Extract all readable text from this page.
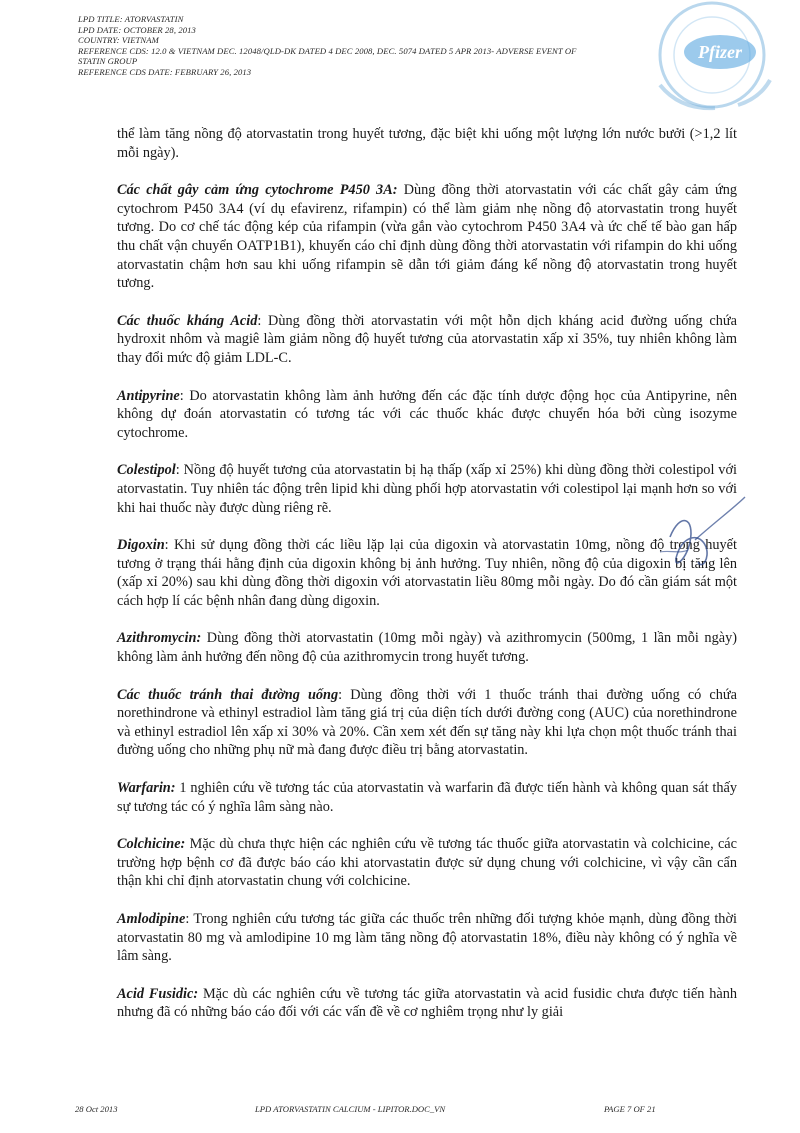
LPD TITLE: ATORVASTATIN
LPD DATE: OCTOBER 28, 2013
COUNTRY: VIETNAM
REFERENCE CDS: 12.0 & VIETNAM DEC. 12048/QLD-DK DATED 4 DEC 2008, DEC. 5074 DATED 5 APR 2013- ADVERSE EVENT OF
STATIN GROUP
REFERENCE CDS DATE: FEBRUARY 26, 2013
Pfizer

thể làm tăng nồng độ atorvastatin trong huyết tương, đặc biệt khi uống một lượng lớn nước bưởi (>1,2 lít mỗi ngày).

Các chất gây cảm ứng cytochrome P450 3A: Dùng đồng thời atorvastatin với các chất gây cảm ứng cytochrom P450 3A4 (ví dụ efavirenz, rifampin) có thể làm giảm nhẹ nồng độ atorvastatin trong huyết tương. Do cơ chế tác động kép của rifampin (vừa gắn vào cytochrom P450 3A4 và ức chế tế bào gan hấp thu chất vận chuyển OATP1B1), khuyến cáo chỉ định dùng đồng thời atorvastatin với rifampin do khi uống atorvastatin chậm hơn sau khi uống rifampin sẽ dẫn tới giảm đáng kể nồng độ atorvastatin trong huyết tương.

Các thuốc kháng Acid: Dùng đồng thời atorvastatin với một hỗn dịch kháng acid đường uống chứa hydroxit nhôm và magiê làm giảm nồng độ huyết tương của atorvastatin xấp xỉ 35%, tuy nhiên không làm thay đổi mức độ giảm LDL-C.

Antipyrine: Do atorvastatin không làm ảnh hưởng đến các đặc tính dược động học của Antipyrine, nên không dự đoán atorvastatin có tương tác với các thuốc khác được chuyển hóa bởi cùng isozyme cytochrome.

Colestipol: Nồng độ huyết tương của atorvastatin bị hạ thấp (xấp xỉ 25%) khi dùng đồng thời colestipol với atorvastatin. Tuy nhiên tác động trên lipid khi dùng phối hợp atorvastatin với colestipol lại mạnh hơn so với khi hai thuốc này được dùng riêng rẽ.

Digoxin: Khi sử dụng đồng thời các liều lặp lại của digoxin và atorvastatin 10mg, nồng độ trong huyết tương ở trạng thái hằng định của digoxin không bị ảnh hưởng. Tuy nhiên, nồng độ của digoxin bị tăng lên (xấp xỉ 20%) sau khi dùng đồng thời digoxin với atorvastatin liều 80mg mỗi ngày. Do đó cần giám sát một cách hợp lí các bệnh nhân đang dùng digoxin.

Azithromycin: Dùng đồng thời atorvastatin (10mg mỗi ngày) và azithromycin (500mg, 1 lần mỗi ngày) không làm ảnh hưởng đến nồng độ của azithromycin trong huyết tương.

Các thuốc tránh thai đường uống: Dùng đồng thời với 1 thuốc tránh thai đường uống có chứa norethindrone và ethinyl estradiol làm tăng giá trị của diện tích dưới đường cong (AUC) của norethindrone và ethinyl estradiol lên xấp xỉ 30% và 20%. Cần xem xét đến sự tăng này khi lựa chọn một thuốc tránh thai đường uống cho những phụ nữ mà đang được điều trị bằng atorvastatin.

Warfarin: 1 nghiên cứu về tương tác của atorvastatin và warfarin đã được tiến hành và không quan sát thấy sự tương tác có ý nghĩa lâm sàng nào.

Colchicine: Mặc dù chưa thực hiện các nghiên cứu về tương tác thuốc giữa atorvastatin và colchicine, các trường hợp bệnh cơ đã được báo cáo khi atorvastatin được sử dụng chung với colchicine, vì vậy cần cẩn thận khi chỉ định atorvastatin chung với colchicine.

Amlodipine: Trong nghiên cứu tương tác giữa các thuốc trên những đối tượng khỏe mạnh, dùng đồng thời atorvastatin 80 mg và amlodipine 10 mg làm tăng nồng độ atorvastatin 18%, điều này không có ý nghĩa về lâm sàng.

Acid Fusidic: Mặc dù các nghiên cứu về tương tác giữa atorvastatin và acid fusidic chưa được tiến hành nhưng đã có những báo cáo đối với các vấn đề về cơ nghiêm trọng như ly giải

28 Oct 2013	LPD ATORVASTATIN CALCIUM - LIPITOR.DOC_VN	PAGE 7 OF 21
